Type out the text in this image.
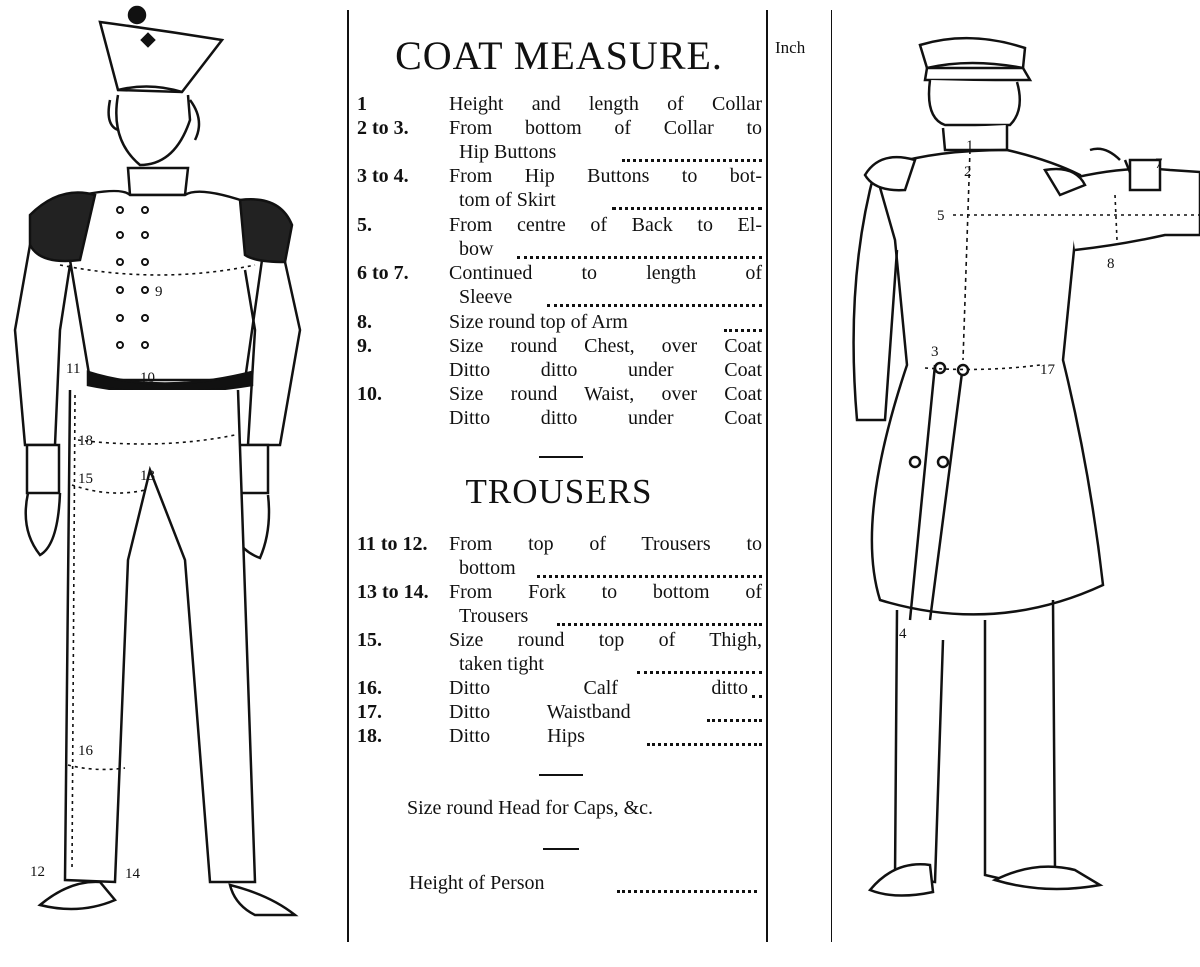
9
11
10
18
15	13
16
12	14
Inch
COAT MEASURE.
1	Height and length of Collar
2 to 3. From bottom of Collar to
Hip Buttons
3 to 4. From Hip Buttons to bot-
tom of Skirt
5.	From centre of Back to El-
bow
6 to 7. Continued to length of
Sleeve
8.	Size round top of Arm
9.	Size round Chest, over Coat
Ditto ditto under Coat
10.	Size round Waist, over Coat
Ditto ditto under Coat
TROUSERS
11 to 12. From top of Trousers to
bottom
13 to 14. From Fork to bottom of
Trousers
15.	Size round top of Thigh,
taken tight
16.	Ditto Calf ditto
17.	Ditto Waistband
18.	Ditto Hips
Size round Head for Caps, &c.
Height of Person
1
2	7
5
8
3
17
4
